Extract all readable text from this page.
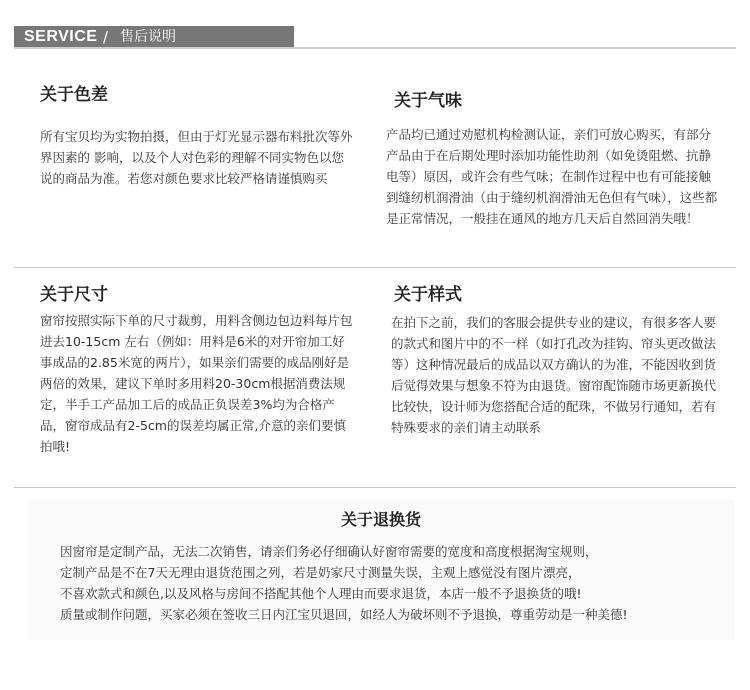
SERVICE / 售后说明
关于色差
所有宝贝均为实物拍摄，但由于灯光显示器布料批次等外界因素的 影响，以及个人对色彩的理解不同实物色以您说的商品为准。若您对颜色要求比较严格请谨慎购买
关于气味
产品均已通过劝慰机构检测认证，亲们可放心购买，有部分产品由于在后期处理时添加功能性助剂（如免烫阻燃、抗静电等）原因，或许会有些气味；在制作过程中也有可能接触到缝纫机润滑油（由于缝纫机润滑油无色但有气味），这些都是正常情况，一般挂在通风的地方几天后自然回消失哦！
关于尺寸
窗帘按照实际下单的尺寸裁剪，用料含侧边包边料每片包进去10-15cm 左右（例如：用料是6米的对开帘加工好事成品的2.85米宽的两片），如果亲们需要的成品刚好是两倍的效果，建议下单时多用料20-30cm根据消费法规定，半手工产品加工后的成品正负误差3%均为合格产品，窗帘成品有2-5cm的误差均属正常,介意的亲们要慎拍哦!
关于样式
在拍下之前，我们的客服会提供专业的建议，有很多客人要的款式和图片中的不一样（如打孔改为挂钩、帘头更改做法等）这种情况最后的成品以双方确认的为准，不能因收到货后觉得效果与想象不符为由退货。窗帘配饰随市场更新换代比较快，设计师为您搭配合适的配珠，不做另行通知，若有特殊要求的亲们请主动联系
关于退换货
因窗帘是定制产品，无法二次销售，请亲们务必仔细确认好窗帘需要的宽度和高度根据淘宝规则，
定制产品是不在7天无理由退货范围之列，若是奶家尺寸测量失误，主观上感觉没有图片漂亮，
不喜欢款式和颜色,以及风格与房间不搭配其他个人理由而要求退货，本店一般不予退换货的哦!
质量或制作问题，买家必须在签收三日内江宝贝退回，如经人为破坏则不予退换，尊重劳动是一种美德!
